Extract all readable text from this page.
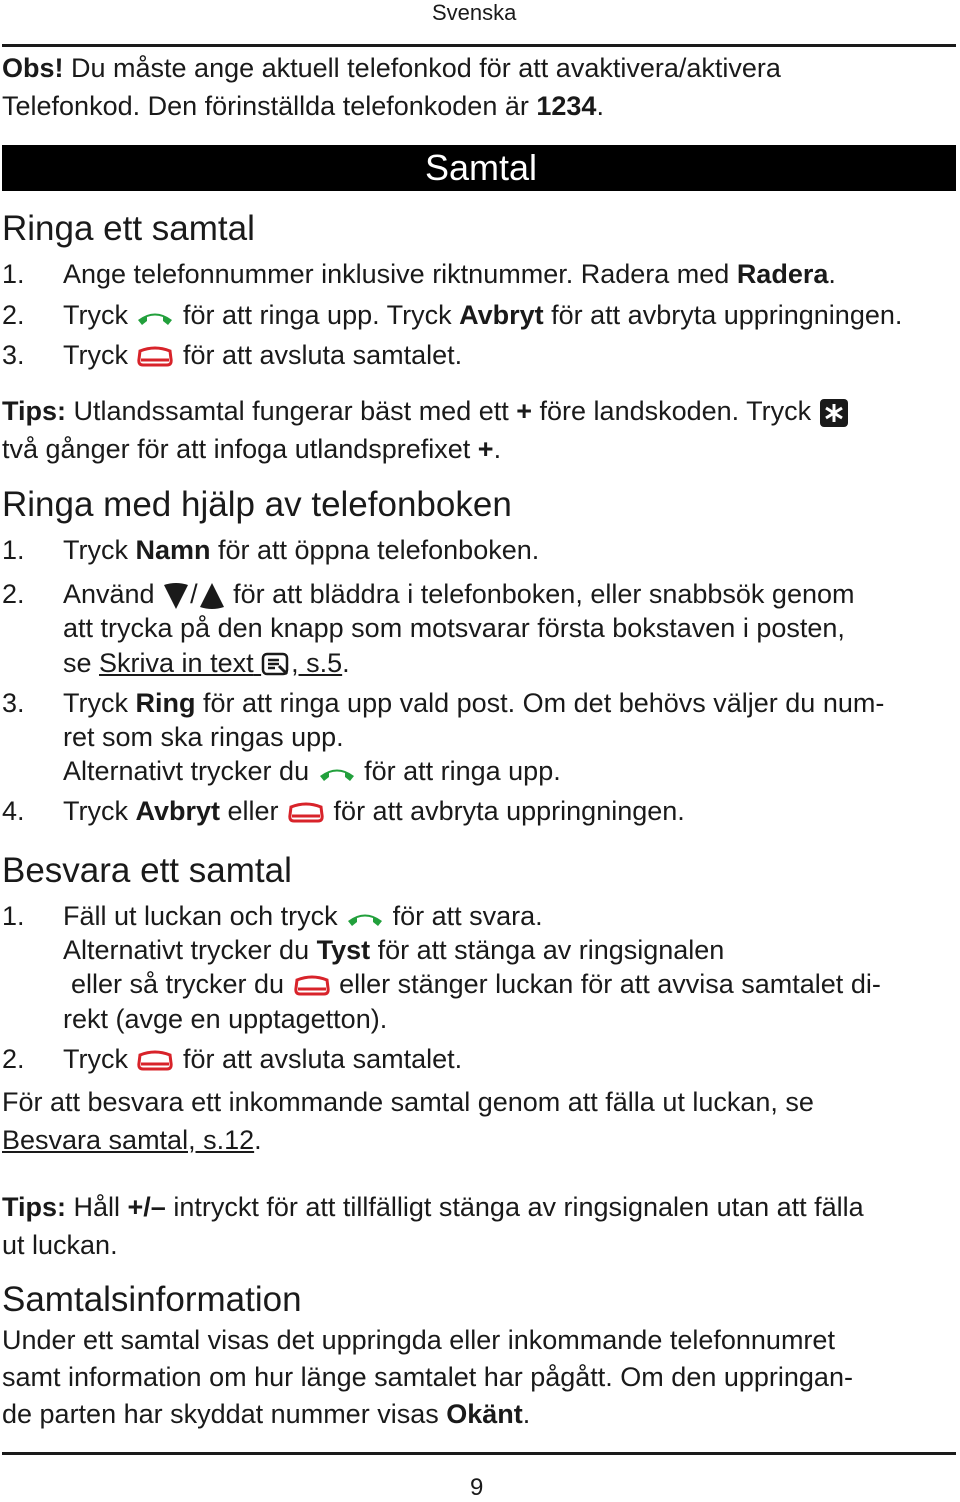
Svenska
Obs! Du måste ange aktuell telefonkod för att avaktivera/aktivera
Telefonkod. Den förinställda telefonkoden är 1234.
Samtal
Ringa ett samtal
1. Ange telefonnummer inklusive riktnummer. Radera med Radera.
2. Tryck
för att ringa upp. Tryck Avbryt för att avbryta uppringningen.
3. Tryck
för att avsluta samtalet.
Tips: Utlandssamtal fungerar bäst med ett + före landskoden. Tryck
två gånger för att infoga utlandsprefixet +.
Ringa med hjälp av telefonboken
1. Tryck Namn för att öppna telefonboken.
2. Använd
/
för att bläddra i telefonboken, eller snabbsök genom
att trycka på den knapp som motsvarar första bokstaven i posten,
se Skriva in text , s.5.
3. Tryck Ring för att ringa upp vald post. Om det behövs väljer du num-
ret som ska ringas upp.
Alternativt trycker du
för att ringa upp.
4. Tryck Avbryt eller
för att avbryta uppringningen.
Besvara ett samtal
1. Fäll ut luckan och tryck
för att svara.
Alternativt trycker du Tyst för att stänga av ringsignalen
eller så trycker du
eller stänger luckan för att avvisa samtalet di-
rekt (avge en upptagetton).
2. Tryck
för att avsluta samtalet.
För att besvara ett inkommande samtal genom att fälla ut luckan, se
Besvara samtal, s.12.
Tips: Håll +/– intryckt för att tillfälligt stänga av ringsignalen utan att fälla
ut luckan.
Samtalsinformation
Under ett samtal visas det uppringda eller inkommande telefonnumret
samt information om hur länge samtalet har pågått. Om den uppringan-
de parten har skyddat nummer visas Okänt.
9
